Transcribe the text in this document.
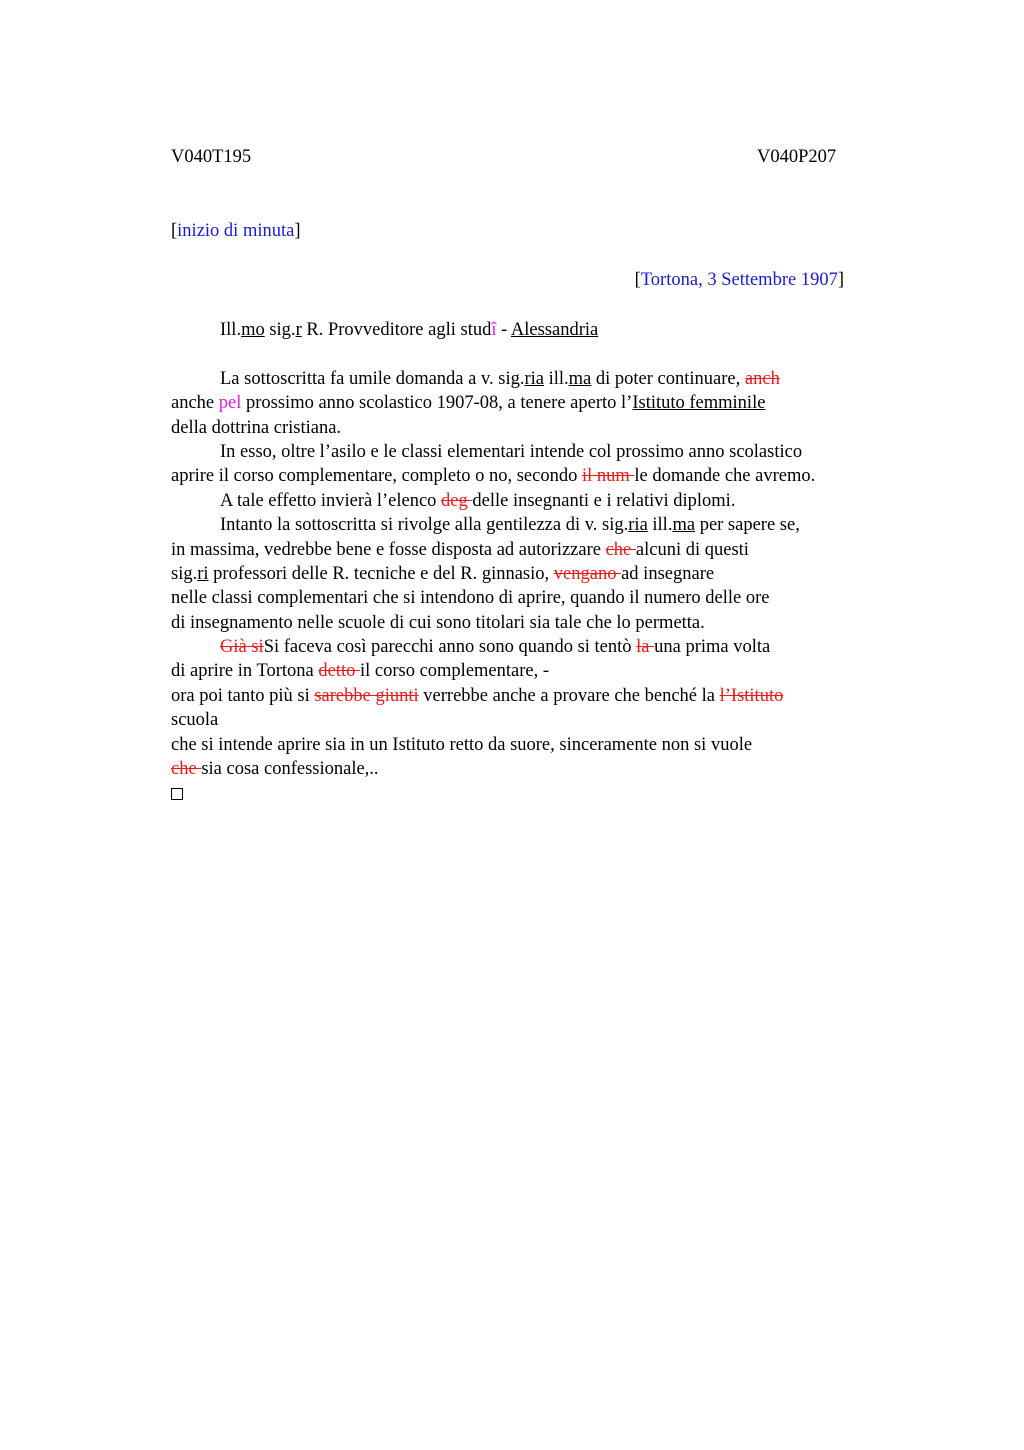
V040T195	V040P207
[inizio di minuta]
[Tortona, 3 Settembre 1907]
Ill.mo sig.r R. Provveditore agli studî - Alessandria
La sottoscritta fa umile domanda a v. sig.ria ill.ma di poter continuare, anch
anche pel prossimo anno scolastico 1907-08, a tenere aperto l’Istituto femminile
della dottrina cristiana.
In esso, oltre l’asilo e le classi elementari intende col prossimo anno scolastico
aprire il corso complementare, completo o no, secondo il num le domande che avremo.
A tale effetto invierà l’elenco deg delle insegnanti e i relativi diplomi.
Intanto la sottoscritta si rivolge alla gentilezza di v. sig.ria ill.ma per sapere se,
in massima, vedrebbe bene e fosse disposta ad autorizzare che alcuni di questi
sig.ri professori delle R. tecniche e del R. ginnasio, vengano ad insegnare
nelle classi complementari che si intendono di aprire, quando il numero delle ore
di insegnamento nelle scuole di cui sono titolari sia tale che lo permetta.
Già siSi faceva così parecchi anno sono quando si tentò la una prima volta
di aprire in Tortona detto il corso complementare, -
ora poi tanto più si sarebbe giunti verrebbe anche a provare che benché la l’Istituto
scuola
che si intende aprire sia in un Istituto retto da suore, sinceramente non si vuole
che sia cosa confessionale,..
